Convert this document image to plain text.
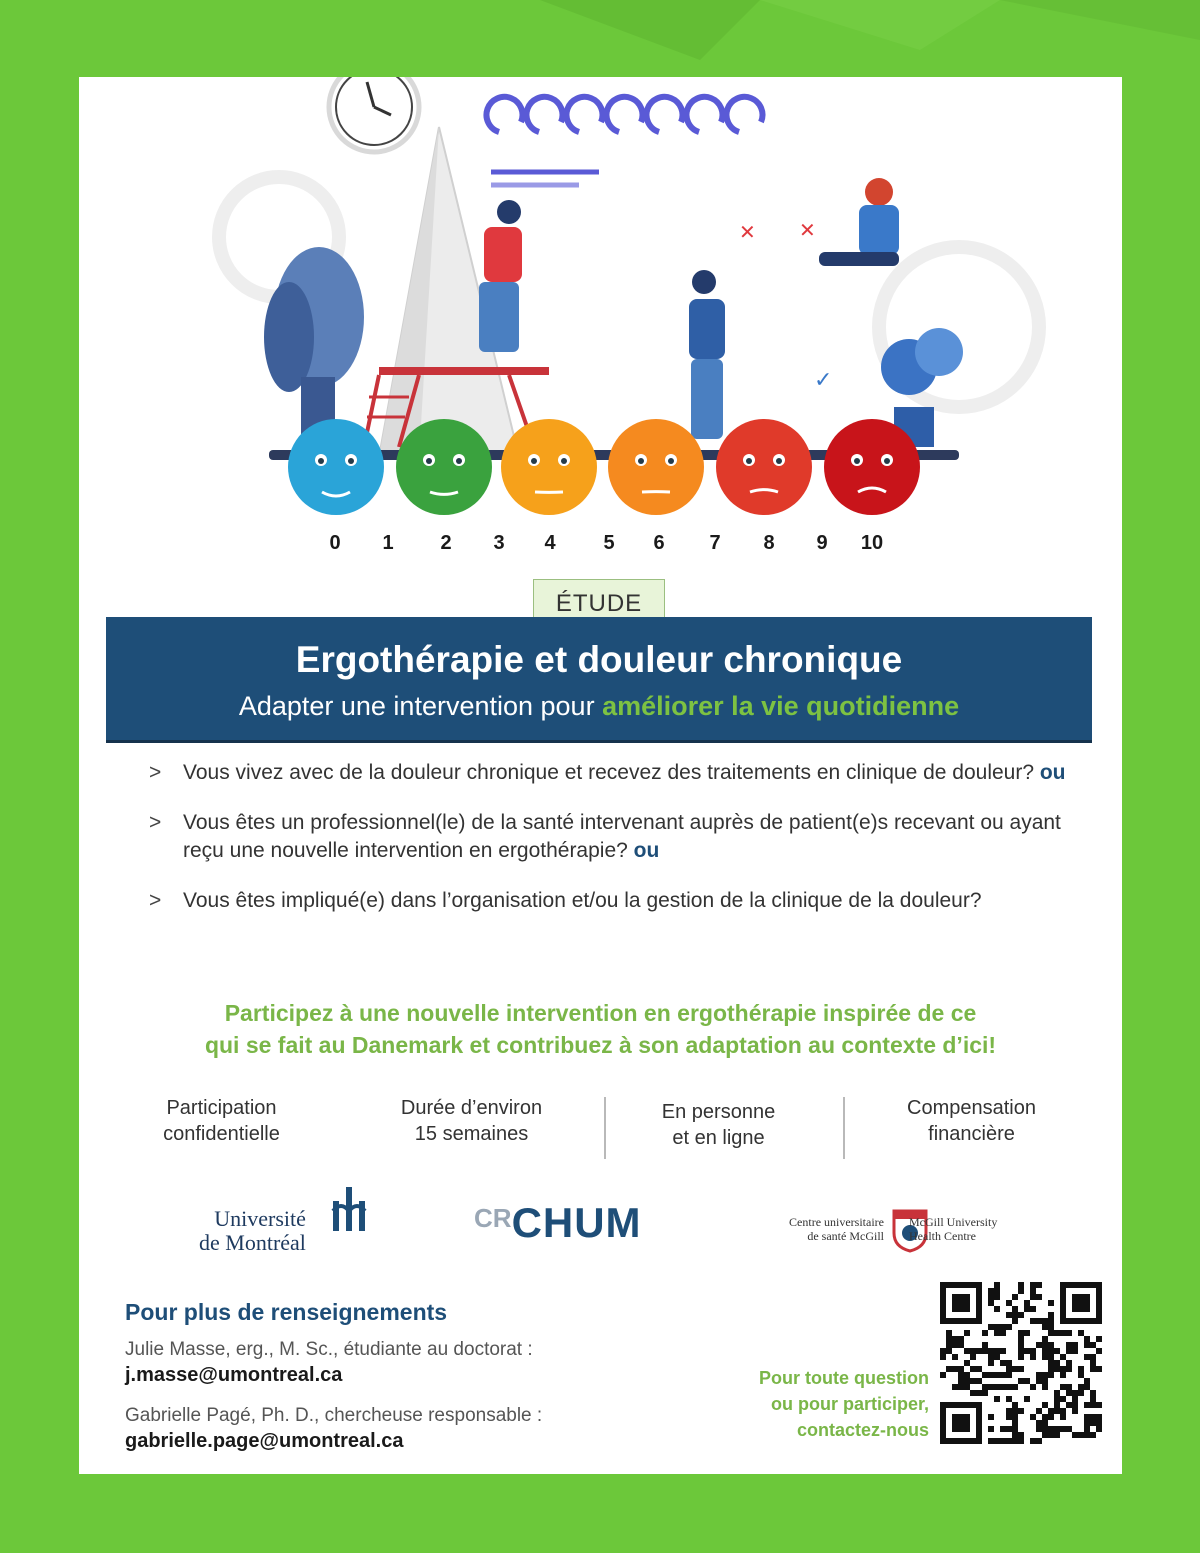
✕ ✕
✓
0 1 2 3 4 5 6 7 8 9 10
ÉTUDE
Ergothérapie et douleur chronique
Adapter une intervention pour améliorer la vie quotidienne
> Vous vivez avec de la douleur chronique et recevez des traitements en clinique de douleur? ou
> Vous êtes un professionnel(le) de la santé intervenant auprès de patient(e)s recevant ou ayant reçu une nouvelle intervention en ergothérapie? ou
> Vous êtes impliqué(e) dans l’organisation et/ou la gestion de la clinique de la douleur?
Participez à une nouvelle intervention en ergothérapie inspirée de ce
qui se fait au Danemark et contribuez à son adaptation au contexte d’ici!
Participation
confidentielle
Durée d’environ
15 semaines
En personne
et en ligne
Compensation
financière
Université
de Montréal
$^{CR}$CHUM	Centre universitaire
de santé McGill
McGill University
Health Centre
Pour plus de renseignements
Julie Masse, erg., M. Sc., étudiante au doctorat :
j.masse@umontreal.ca
Gabrielle Pagé, Ph. D., chercheuse responsable :
gabrielle.page@umontreal.ca
Pour toute question
ou pour participer,
contactez-nous
